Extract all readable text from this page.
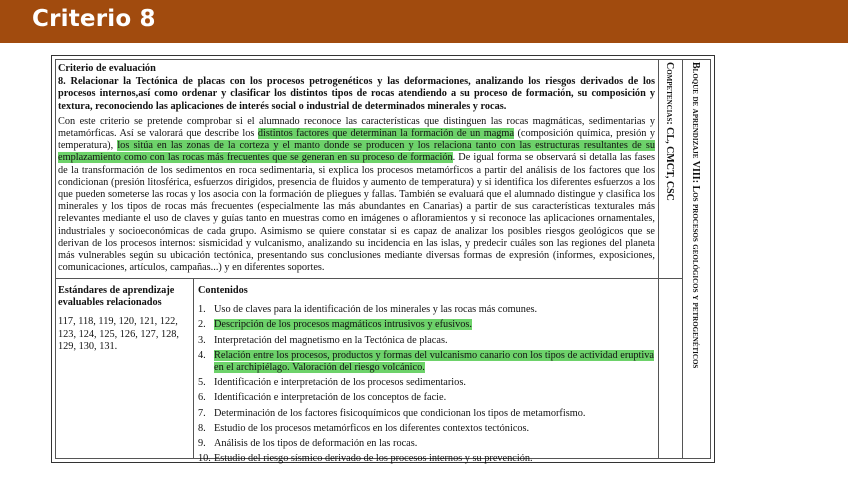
Criterio 8

Criterio de evaluación

8. Relacionar la Tectónica de placas con los procesos petrogenéticos y las deformaciones, analizando los riesgos derivados de los procesos internos,así como ordenar y clasificar los distintos tipos de rocas atendiendo a su proceso de formación, su composición y textura, reconociendo las aplicaciones de interés social o industrial de determinados minerales y rocas.

Con este criterio se pretende comprobar si el alumnado reconoce las características que distinguen las rocas magmáticas, sedimentarias y metamórficas. Así se valorará que describe los distintos factores que determinan la formación de un magma (composición química, presión y temperatura), los sitúa en las zonas de la corteza y el manto donde se producen y los relaciona tanto con las estructuras resultantes de su emplazamiento como con las rocas más frecuentes que se generan en su proceso de formación. De igual forma se observará si detalla las fases de la transformación de los sedimentos en roca sedimentaria, si explica los procesos metamórficos a partir del análisis de los factores que los condicionan (presión litosférica, esfuerzos dirigidos, presencia de fluidos y aumento de temperatura) y si identifica los diferentes esfuerzos a los que pueden someterse las rocas y los asocia con la formación de pliegues y fallas. También se evaluará que el alumnado distingue y clasifica los minerales y los tipos de rocas más frecuentes (especialmente las más abundantes en Canarias) a partir de sus características texturales más relevantes mediante el uso de claves y guías tanto en muestras como en imágenes o afloramientos y si reconoce las aplicaciones ornamentales, industriales y socioeconómicas de cada grupo. Asimismo se quiere constatar si es capaz de analizar los posibles riesgos geológicos que se derivan de los procesos internos: sismicidad y vulcanismo, analizando su incidencia en las islas, y predecir cuáles son las regiones del planeta más vulnerables según su ubicación tectónica, presentando sus conclusiones mediante diversas formas de expresión (informes, exposiciones, comunicaciones, artículos, campañas...) y en diferentes soportes.

Competencias: CL, CMCT, CSC Bloque de aprendizaje VIII: Los procesos geológicos y petrogenéticos

Estándares de aprendizaje evaluables relacionados

117, 118, 119, 120, 121, 122, 123, 124, 125, 126, 127, 128, 129, 130, 131.

Contenidos

1. Uso de claves para la identificación de los minerales y las rocas más comunes.
2. Descripción de los procesos magmáticos intrusivos y efusivos.
3. Interpretación del magnetismo en la Tectónica de placas.
4. Relación entre los procesos, productos y formas del vulcanismo canario con los tipos de actividad eruptiva en el archipiélago. Valoración del riesgo volcánico.
5. Identificación e interpretación de los procesos sedimentarios.
6. Identificación e interpretación de los conceptos de facie.
7. Determinación de los factores fisicoquímicos que condicionan los tipos de metamorfismo.
8. Estudio de los procesos metamórficos en los diferentes contextos tectónicos.
9. Análisis de los tipos de deformación en las rocas.
10. Estudio del riesgo sísmico derivado de los procesos internos y su prevención.
